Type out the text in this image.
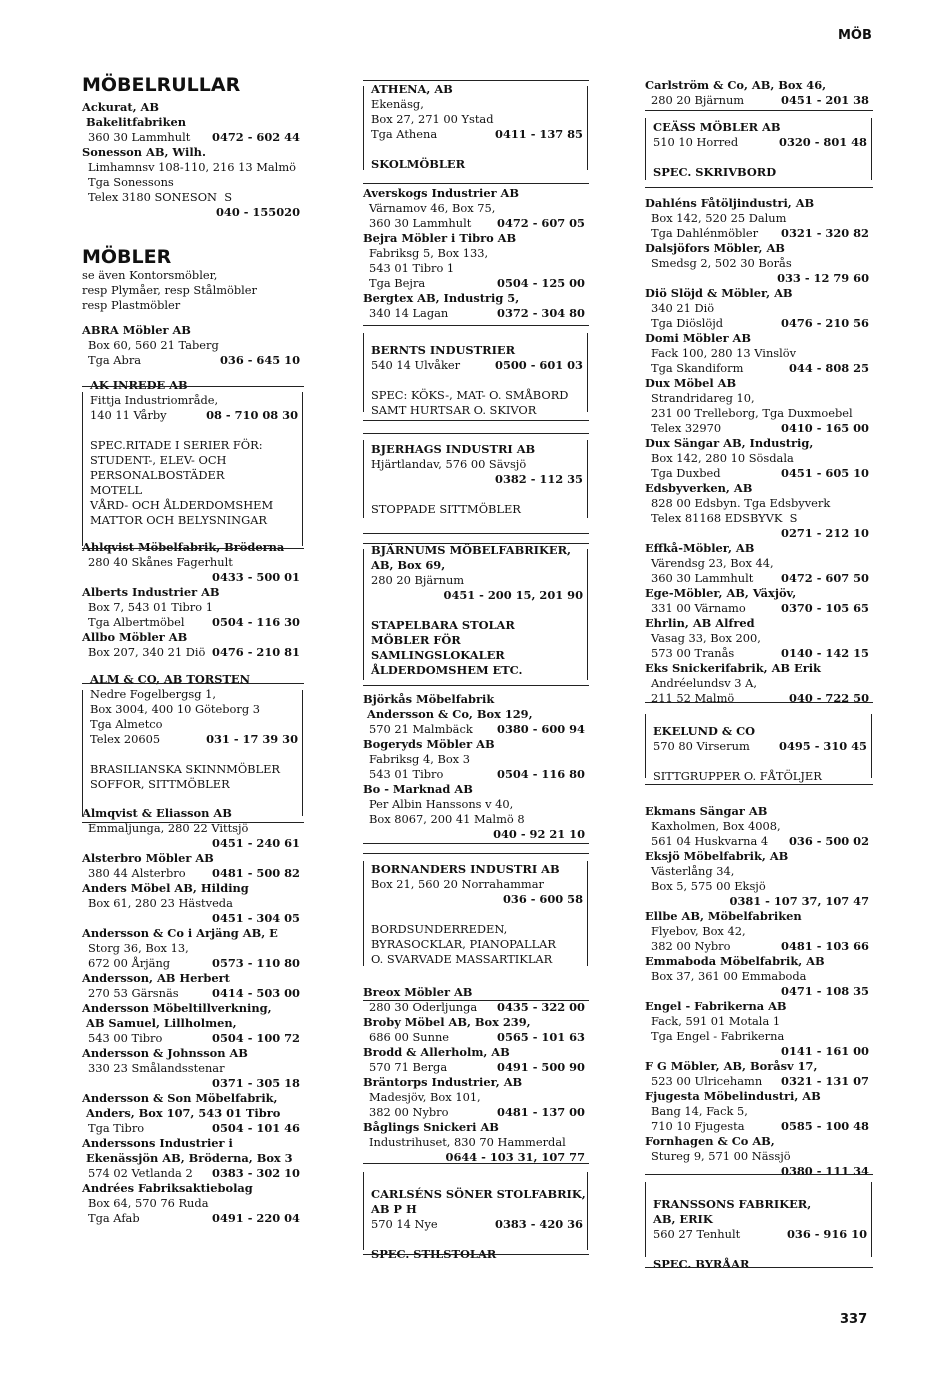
MÖB
MÖBELRULLAR
Ackurat, AB
Bakelitfabriken
360 30 Lammhult 0472 - 602 44
Sonesson AB, Wilh.
Limhamnsv 108-110, 216 13 Malmö
Tga Sonessons
Telex 3180 SONESON  S
040 - 155020
MÖBLER
se även Kontorsmöbler,
resp Plymåer, resp Stålmöbler
resp Plastmöbler
ABRA Möbler AB
Box 60, 560 21 Taberg
Tga Abra	036 - 645 10
AK INREDE AB
Fittja Industriområde,
140 11 Vårby	08 - 710 08 30
SPEC.RITADE I SERIER FÖR:
STUDENT-, ELEV- OCH
PERSONALBOSTÄDER
MOTELL
VÅRD- OCH ÅLDERDOMSHEM
MATTOR OCH BELYSNINGAR
Ahlqvist Möbelfabrik, Bröderna
280 40 Skånes Fagerhult
0433 - 500 01
Alberts Industrier AB
Box 7, 543 01 Tibro 1
Tga Albertmöbel 0504 - 116 30
Allbo Möbler AB
Box 207, 340 21 Diö 0476 - 210 81
ALM & CO, AB TORSTEN
Nedre Fogelbergsg 1,
Box 3004, 400 10 Göteborg 3
Tga Almetco
Telex 20605	031 - 17 39 30
BRASILIANSKA SKINNMÖBLER
SOFFOR, SITTMÖBLER
Almqvist & Eliasson AB
Emmaljunga, 280 22 Vittsjö
0451 - 240 61
Alsterbro Möbler AB
380 44 Alsterbro 0481 - 500 82
Anders Möbel AB, Hilding
Box 61, 280 23 Hästveda
0451 - 304 05
Andersson & Co i Arjäng AB, E
Storg 36, Box 13,
672 00 Årjäng	0573 - 110 80
Andersson, AB Herbert
270 53 Gärsnäs	0414 - 503 00
Andersson Möbeltillverkning,
AB Samuel, Lillholmen,
543 00 Tibro	0504 - 100 72
Andersson & Johnsson AB
330 23 Smålandsstenar
0371 - 305 18
Andersson & Son Möbelfabrik,
Anders, Box 107, 543 01 Tibro
Tga Tibro	0504 - 101 46
Anderssons Industrier i
Ekenässjön AB, Bröderna, Box 3
574 02 Vetlanda 2 0383 - 302 10
Andrées Fabriksaktiebolag
Box 64, 570 76 Ruda
Tga Afab	0491 - 220 04
ATHENA, AB
Ekenäsg,
Box 27, 271 00 Ystad
Tga Athena	0411 - 137 85
SKOLMÖBLER
Averskogs Industrier AB
Värnamov 46, Box 75,
360 30 Lammhult 0472 - 607 05
Bejra Möbler i Tibro AB
Fabriksg 5, Box 133,
543 01 Tibro 1
Tga Bejra	0504 - 125 00
Bergtex AB, Industrig 5,
340 14 Lagan	0372 - 304 80
BERNTS INDUSTRIER
540 14 Ulvåker	0500 - 601 03
SPEC: KÖKS-, MAT- O. SMÅBORD
SAMT HURTSAR O. SKIVOR
BJERHAGS INDUSTRI AB
Hjärtlandav, 576 00 Sävsjö
0382 - 112 35
STOPPADE SITTMÖBLER
BJÄRNUMS MÖBELFABRIKER,
AB, Box 69,
280 20 Bjärnum
0451 - 200 15, 201 90
STAPELBARA STOLAR
MÖBLER FÖR
SAMLINGSLOKALER
ÅLDERDOMSHEM ETC.
Björkås Möbelfabrik
Andersson & Co, Box 129,
570 21 Malmbäck 0380 - 600 94
Bogeryds Möbler AB
Fabriksg 4, Box 3
543 01 Tibro	0504 - 116 80
Bo - Marknad AB
Per Albin Hanssons v 40,
Box 8067, 200 41 Malmö 8
040 - 92 21 10
BORNANDERS INDUSTRI AB
Box 21, 560 20 Norrahammar
036 - 600 58
BORDSUNDERREDEN,
BYRASOCKLAR, PIANOPALLAR
O. SVARVADE MASSARTIKLAR
Breox Möbler AB
280 30 Oderljunga 0435 - 322 00
Broby Möbel AB, Box 239,
686 00 Sunne	0565 - 101 63
Brodd & Allerholm, AB
570 71 Berga	0491 - 500 90
Bräntorps Industrier, AB
Madesjöv, Box 101,
382 00 Nybro	0481 - 137 00
Båglings Snickeri AB
Industrihuset, 830 70 Hammerdal
0644 - 103 31, 107 77
CARLSÉNS SÖNER STOLFABRIK,
AB P H
570 14 Nye	0383 - 420 36
SPEC. STILSTOLAR
Carlström & Co, AB, Box 46,
280 20 Bjärnum	0451 - 201 38
CEÄSS MÖBLER AB
510 10 Horred	0320 - 801 48
SPEC. SKRIVBORD
Dahléns Fåtöljindustri, AB
Box 142, 520 25 Dalum
Tga Dahlénmöbler 0321 - 320 82
Dalsjöfors Möbler, AB
Smedsg 2, 502 30 Borås
033 - 12 79 60
Diö Slöjd & Möbler, AB
340 21 Diö
Tga Diöslöjd	0476 - 210 56
Domi Möbler AB
Fack 100, 280 13 Vinslöv
Tga Skandiform	044 - 808 25
Dux Möbel AB
Strandridareg 10,
231 00 Trelleborg, Tga Duxmoebel
Telex 32970	0410 - 165 00
Dux Sängar AB, Industrig,
Box 142, 280 10 Sösdala
Tga Duxbed	0451 - 605 10
Edsbyverken, AB
828 00 Edsbyn. Tga Edsbyverk
Telex 81168 EDSBYVK  S
0271 - 212 10
Effkå-Möbler, AB
Värendsg 23, Box 44,
360 30 Lammhult 0472 - 607 50
Ege-Möbler, AB, Växjöv,
331 00 Värnamo	0370 - 105 65
Ehrlin, AB Alfred
Vasag 33, Box 200,
573 00 Tranås	0140 - 142 15
Eks Snickerifabrik, AB Erik
Andréelundsv 3 A,
211 52 Malmö	040 - 722 50
EKELUND & CO
570 80 Virserum	0495 - 310 45
SITTGRUPPER O. FÅTÖLJER
Ekmans Sängar AB
Kaxholmen, Box 4008,
561 04 Huskvarna 4 036 - 500 02
Eksjö Möbelfabrik, AB
Västerlång 34,
Box 5, 575 00 Eksjö
0381 - 107 37, 107 47
Ellbe AB, Möbelfabriken
Flyebov, Box 42,
382 00 Nybro	0481 - 103 66
Emmaboda Möbelfabrik, AB
Box 37, 361 00 Emmaboda
0471 - 108 35
Engel - Fabrikerna AB
Fack, 591 01 Motala 1
Tga Engel - Fabrikerna
0141 - 161 00
F G Möbler, AB, Boråsv 17,
523 00 Ulricehamn 0321 - 131 07
Fjugesta Möbelindustri, AB
Bang 14, Fack 5,
710 10 Fjugesta	0585 - 100 48
Fornhagen & Co AB,
Stureg 9, 571 00 Nässjö
0380 - 111 34
FRANSSONS FABRIKER,
AB, ERIK
560 27 Tenhult	036 - 916 10
SPEC. BYRÅAR
337
